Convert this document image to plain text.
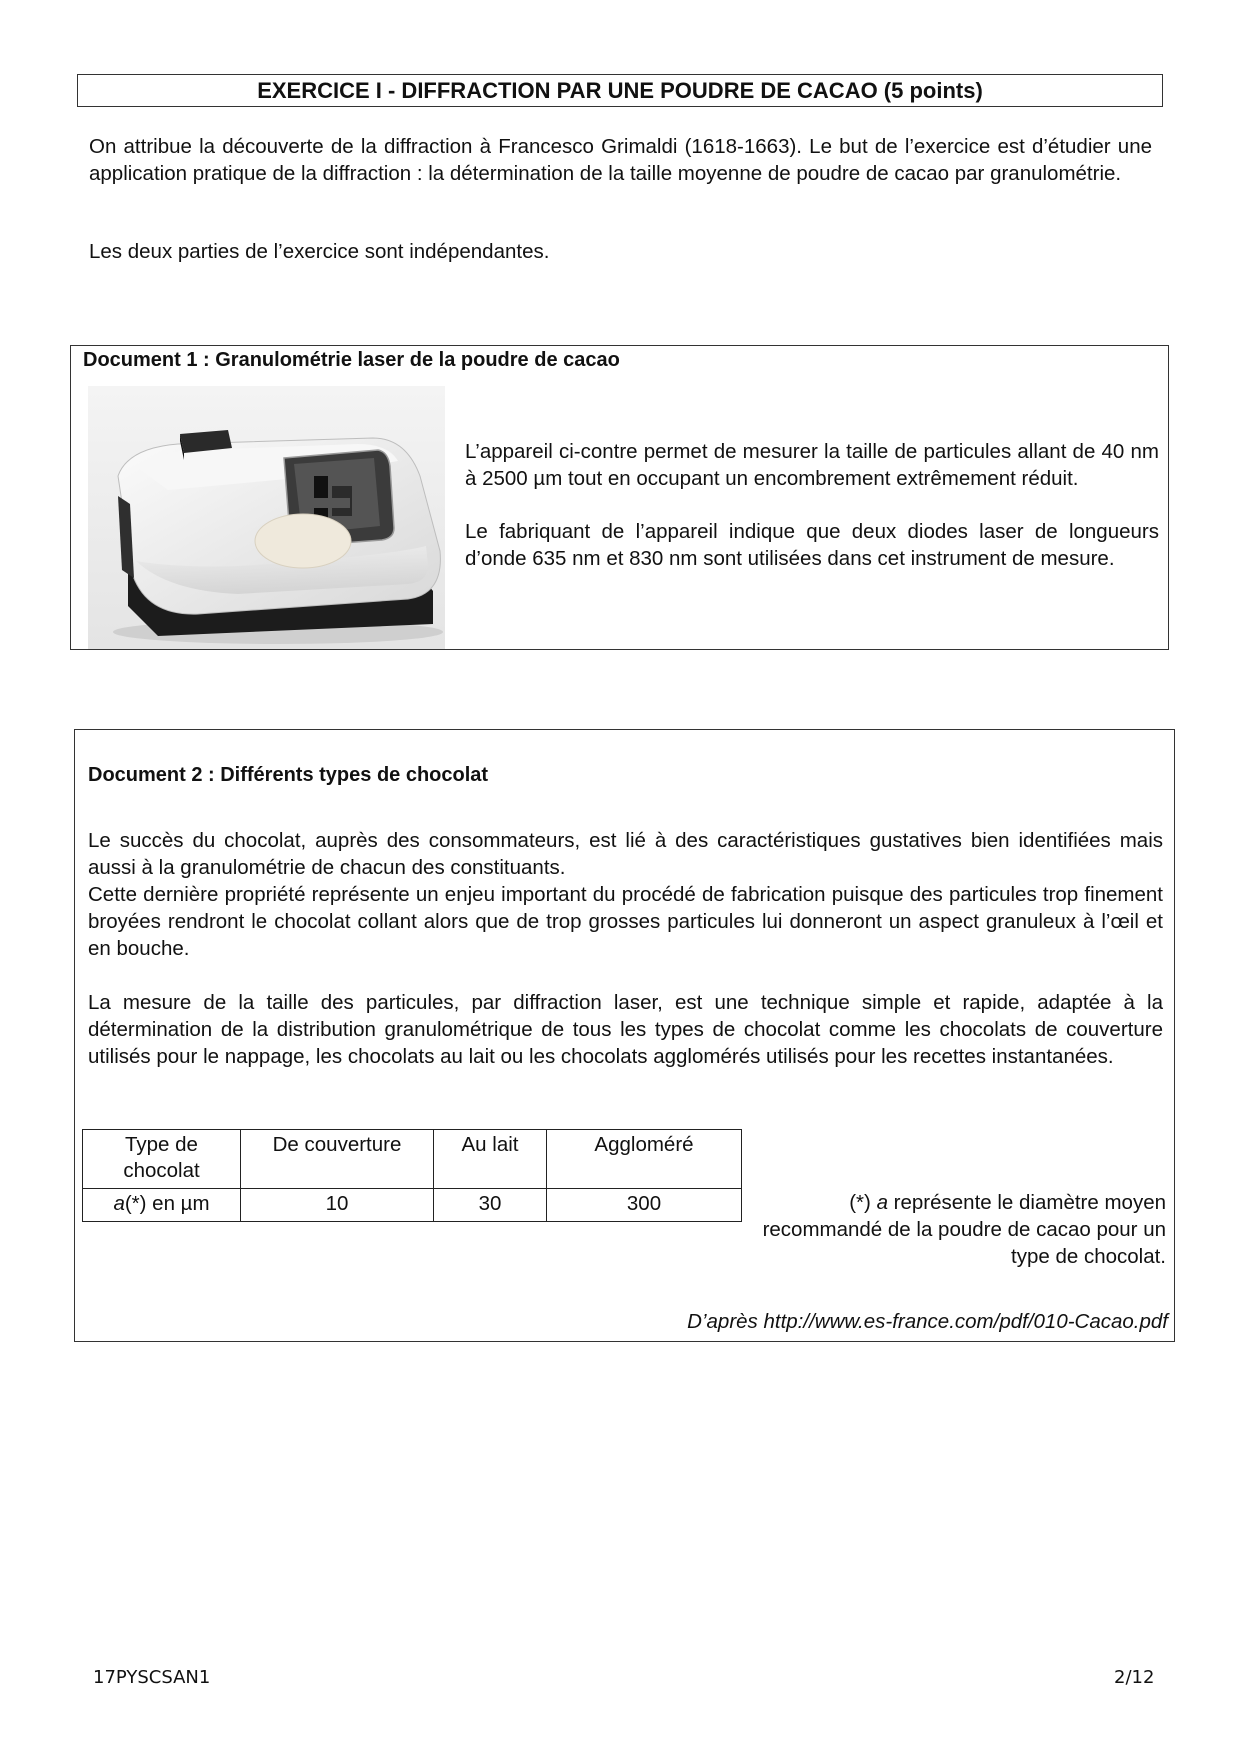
EXERCICE I - DIFFRACTION PAR UNE POUDRE DE CACAO (5 points)
On attribue la découverte de la diffraction à Francesco Grimaldi (1618-1663). Le but de l’exercice est d’étudier une application pratique de la diffraction : la détermination de la taille moyenne de poudre de cacao par granulométrie.
Les deux parties de l’exercice sont indépendantes.
Document 1 : Granulométrie laser de la poudre de cacao

L’appareil ci-contre permet de mesurer la taille de particules allant de 40 nm à 2500 µm tout en occupant un encombrement extrêmement réduit.

Le fabriquant de l’appareil indique que deux diodes laser de longueurs d’onde 635 nm et 830 nm sont utilisées dans cet instrument de mesure.

Document 2 : Différents types de chocolat

Le succès du chocolat, auprès des consommateurs, est lié à des caractéristiques gustatives bien identifiées mais aussi à la granulométrie de chacun des constituants.

Cette dernière propriété représente un enjeu important du procédé de fabrication puisque des particules trop finement broyées rendront le chocolat collant alors que de trop grosses particules lui donneront un aspect granuleux à l’œil et en bouche.

La mesure de la taille des particules, par diffraction laser, est une technique simple et rapide, adaptée à la détermination de la distribution granulométrique de tous les types de chocolat comme les chocolats de couverture utilisés pour le nappage, les chocolats au lait ou les chocolats agglomérés utilisés pour les recettes instantanées.

Type de chocolat	De couverture	Au lait	Aggloméré
a(*) en µm	10	30	300	(*) a représente le diamètre moyen recommandé de la poudre de cacao pour un type de chocolat.
D’après http://www.es-france.com/pdf/010-Cacao.pdf
17PYSCSAN1	2/12
